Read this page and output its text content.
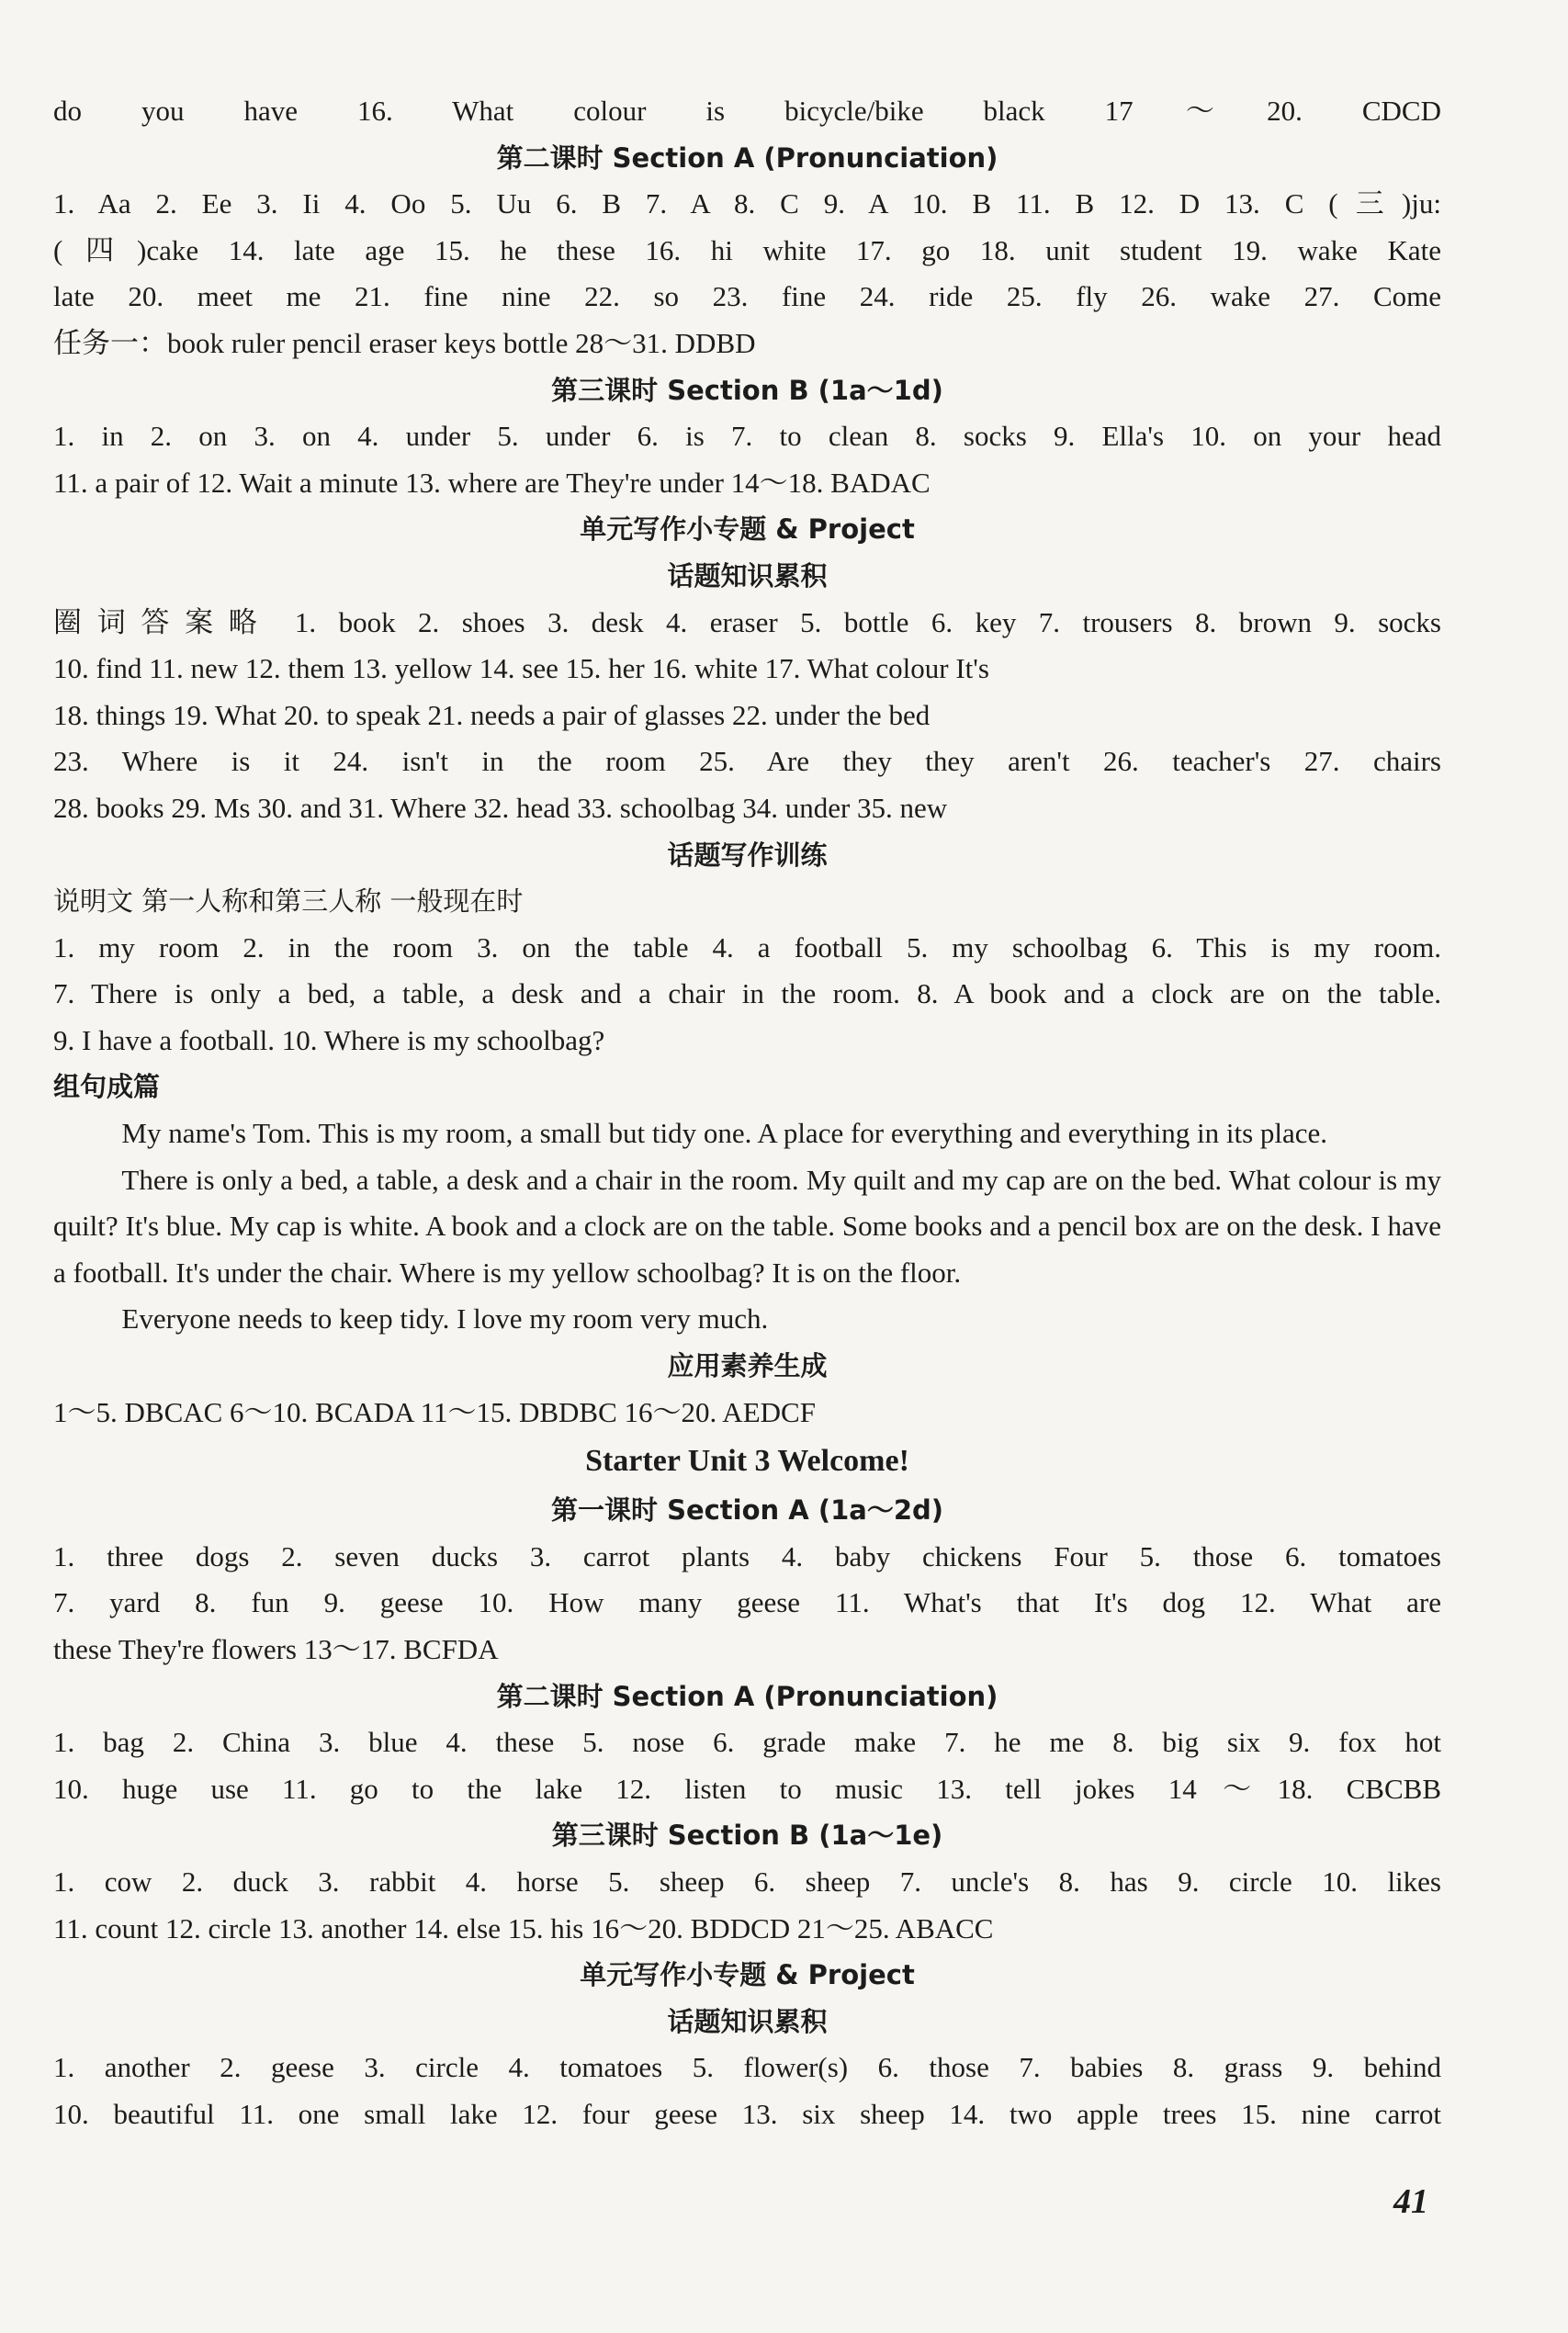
do you have 16. What colour is bicycle/bike black 17～20. CDCD
第二课时 Section A (Pronunciation)
1. Aa 2. Ee 3. Ii 4. Oo 5. Uu 6. B 7. A 8. C 9. A 10. B 11. B 12. D 13. C (三)ju:
(四)cake 14. late age 15. he these 16. hi white 17. go 18. unit student 19. wake Kate
late 20. meet me 21. fine nine 22. so 23. fine 24. ride 25. fly 26. wake 27. Come
任务一：book ruler pencil eraser keys bottle 28～31. DDBD
第三课时 Section B (1a～1d)
1. in 2. on 3. on 4. under 5. under 6. is 7. to clean 8. socks 9. Ella's 10. on your head
11. a pair of 12. Wait a minute 13. where are They're under 14～18. BADAC
单元写作小专题 & Project
话题知识累积
圈词答案略 1. book 2. shoes 3. desk 4. eraser 5. bottle 6. key 7. trousers 8. brown 9. socks
10. find 11. new 12. them 13. yellow 14. see 15. her 16. white 17. What colour It's
18. things 19. What 20. to speak 21. needs a pair of glasses 22. under the bed
23. Where is it 24. isn't in the room 25. Are they they aren't 26. teacher's 27. chairs
28. books 29. Ms 30. and 31. Where 32. head 33. schoolbag 34. under 35. new
话题写作训练
说明文 第一人称和第三人称 一般现在时
1. my room 2. in the room 3. on the table 4. a football 5. my schoolbag 6. This is my room.
7. There is only a bed, a table, a desk and a chair in the room. 8. A book and a clock are on the table.
9. I have a football. 10. Where is my schoolbag?
组句成篇

My name's Tom. This is my room, a small but tidy one. A place for everything and everything in its place.

There is only a bed, a table, a desk and a chair in the room. My quilt and my cap are on the bed. What colour is my quilt? It's blue. My cap is white. A book and a clock are on the table. Some books and a pencil box are on the desk. I have a football. It's under the chair. Where is my yellow schoolbag? It is on the floor.

Everyone needs to keep tidy. I love my room very much.

应用素养生成
1～5. DBCAC 6～10. BCADA 11～15. DBDBC 16～20. AEDCF
Starter Unit 3 Welcome!
第一课时 Section A (1a～2d)
1. three dogs 2. seven ducks 3. carrot plants 4. baby chickens Four 5. those 6. tomatoes
7. yard 8. fun 9. geese 10. How many geese 11. What's that It's dog 12. What are
these They're flowers 13～17. BCFDA
第二课时 Section A (Pronunciation)
1. bag 2. China 3. blue 4. these 5. nose 6. grade make 7. he me 8. big six 9. fox hot
10. huge use 11. go to the lake 12. listen to music 13. tell jokes 14～18. CBCBB
第三课时 Section B (1a～1e)
1. cow 2. duck 3. rabbit 4. horse 5. sheep 6. sheep 7. uncle's 8. has 9. circle 10. likes
11. count 12. circle 13. another 14. else 15. his 16～20. BDDCD 21～25. ABACC
单元写作小专题 & Project
话题知识累积
1. another 2. geese 3. circle 4. tomatoes 5. flower(s) 6. those 7. babies 8. grass 9. behind
10. beautiful 11. one small lake 12. four geese 13. six sheep 14. two apple trees 15. nine carrot
41
